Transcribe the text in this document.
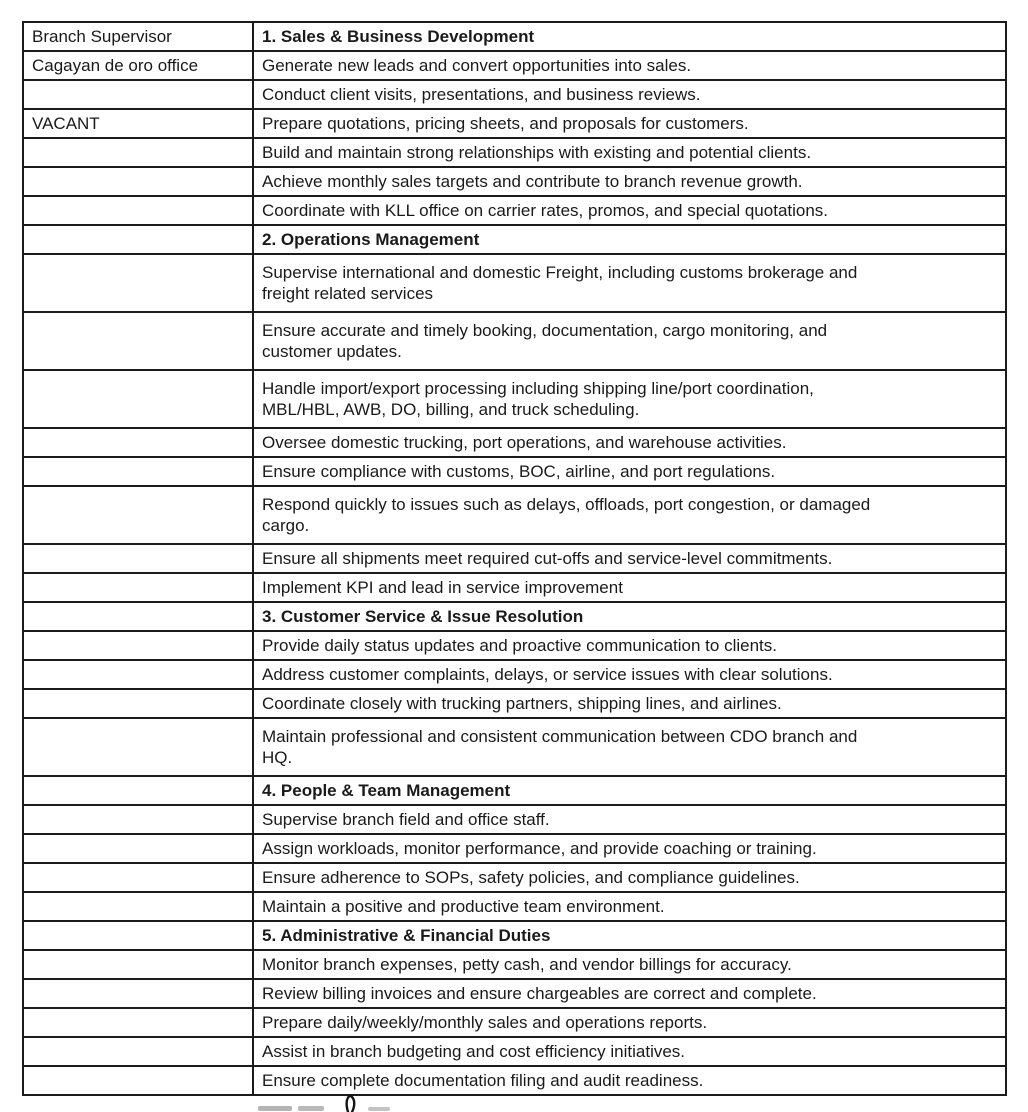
Branch Supervisor	1. Sales & Business Development

Cagayan de oro office	Generate new leads and convert opportunities into sales.

	Conduct client visits, presentations, and business reviews.

VACANT	Prepare quotations, pricing sheets, and proposals for customers.

	Build and maintain strong relationships with existing and potential clients.

	Achieve monthly sales targets and contribute to branch revenue growth.

	Coordinate with KLL office on carrier rates, promos, and special quotations.

	2. Operations Management

	Supervise international and domestic Freight, including customs brokerage and
freight related services

	Ensure accurate and timely booking, documentation, cargo monitoring, and
customer updates.

	Handle import/export processing including shipping line/port coordination,
MBL/HBL, AWB, DO, billing, and truck scheduling.

	Oversee domestic trucking, port operations, and warehouse activities.

	Ensure compliance with customs, BOC, airline, and port regulations.

	Respond quickly to issues such as delays, offloads, port congestion, or damaged
cargo.

	Ensure all shipments meet required cut-offs and service-level commitments.

	Implement KPI and lead in service improvement

	3. Customer Service & Issue Resolution

	Provide daily status updates and proactive communication to clients.

	Address customer complaints, delays, or service issues with clear solutions.

	Coordinate closely with trucking partners, shipping lines, and airlines.

	Maintain professional and consistent communication between CDO branch and
HQ.

	4. People & Team Management

	Supervise branch field and office staff.

	Assign workloads, monitor performance, and provide coaching or training.

	Ensure adherence to SOPs, safety policies, and compliance guidelines.

	Maintain a positive and productive team environment.

	5. Administrative & Financial Duties

	Monitor branch expenses, petty cash, and vendor billings for accuracy.

	Review billing invoices and ensure chargeables are correct and complete.

	Prepare daily/weekly/monthly sales and operations reports.

	Assist in branch budgeting and cost efficiency initiatives.

	Ensure complete documentation filing and audit readiness.
